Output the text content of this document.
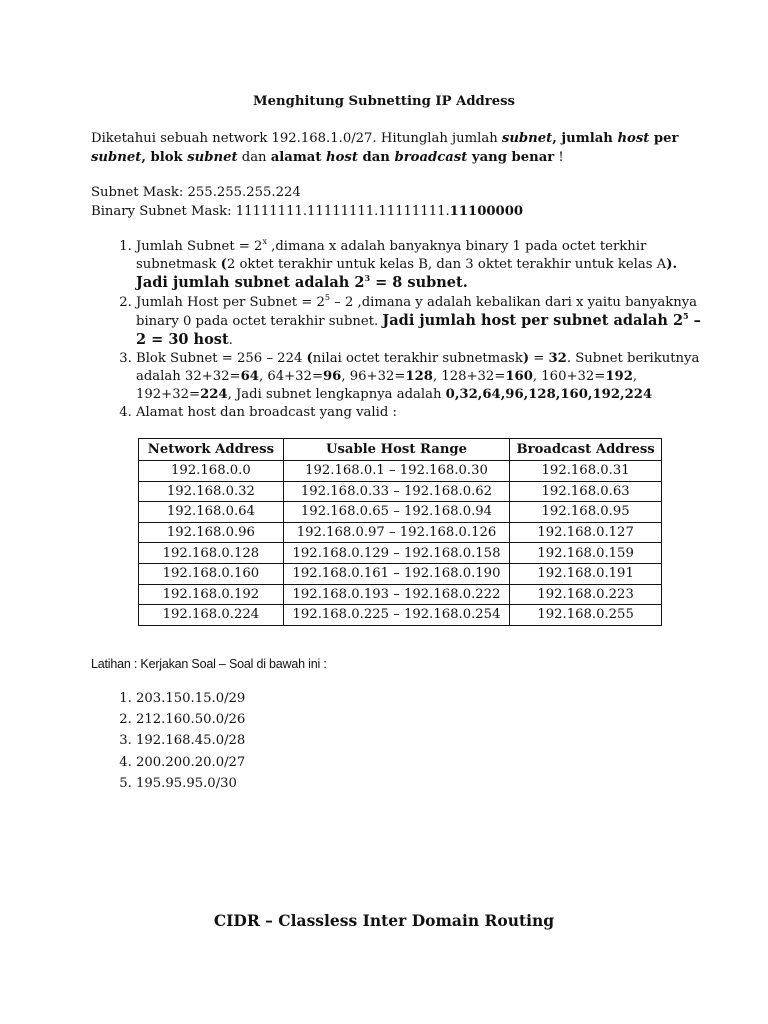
Menghitung Subnetting IP Address
Diketahui sebuah network 192.168.1.0/27. Hitunglah jumlah subnet, jumlah host per
subnet, blok subnet dan alamat host dan broadcast yang benar !
Subnet Mask: 255.255.255.224
Binary Subnet Mask: 11111111.11111111.11111111.11100000
1. Jumlah Subnet = $2^x$ ,dimana x adalah banyaknya binary 1 pada octet terkhir subnetmask (2 oktet terakhir untuk kelas B, dan 3 oktet terakhir untuk kelas A).
Jadi jumlah subnet adalah $2^3 = 8$ subnet.
2. Jumlah Host per Subnet = $2^5 - 2$ ,dimana y adalah kebalikan dari x yaitu banyaknya binary 0 pada octet terakhir subnet. Jadi jumlah host per subnet adalah $2^5 - 2 = 30$ host.
3. Blok Subnet = 256 – 224 (nilai octet terakhir subnetmask) = 32. Subnet berikutnya adalah 32+32=64, 64+32=96, 96+32=128, 128+32=160, 160+32=192, 192+32=224, Jadi subnet lengkapnya adalah 0,32,64,96,128,160,192,224
4. Alamat host dan broadcast yang valid :
Network Address	Usable Host Range	Broadcast Address
192.168.0.0	192.168.0.1 – 192.168.0.30	192.168.0.31
192.168.0.32	192.168.0.33 – 192.168.0.62	192.168.0.63
192.168.0.64	192.168.0.65 – 192.168.0.94	192.168.0.95
192.168.0.96	192.168.0.97 – 192.168.0.126	192.168.0.127
192.168.0.128	192.168.0.129 – 192.168.0.158	192.168.0.159
192.168.0.160	192.168.0.161 – 192.168.0.190	192.168.0.191
192.168.0.192	192.168.0.193 – 192.168.0.222	192.168.0.223
192.168.0.224	192.168.0.225 – 192.168.0.254	192.168.0.255
Latihan : Kerjakan Soal – Soal di bawah ini :
1. 203.150.15.0/29
2. 212.160.50.0/26
3. 192.168.45.0/28
4. 200.200.20.0/27
5. 195.95.95.0/30
CIDR – Classless Inter Domain Routing
